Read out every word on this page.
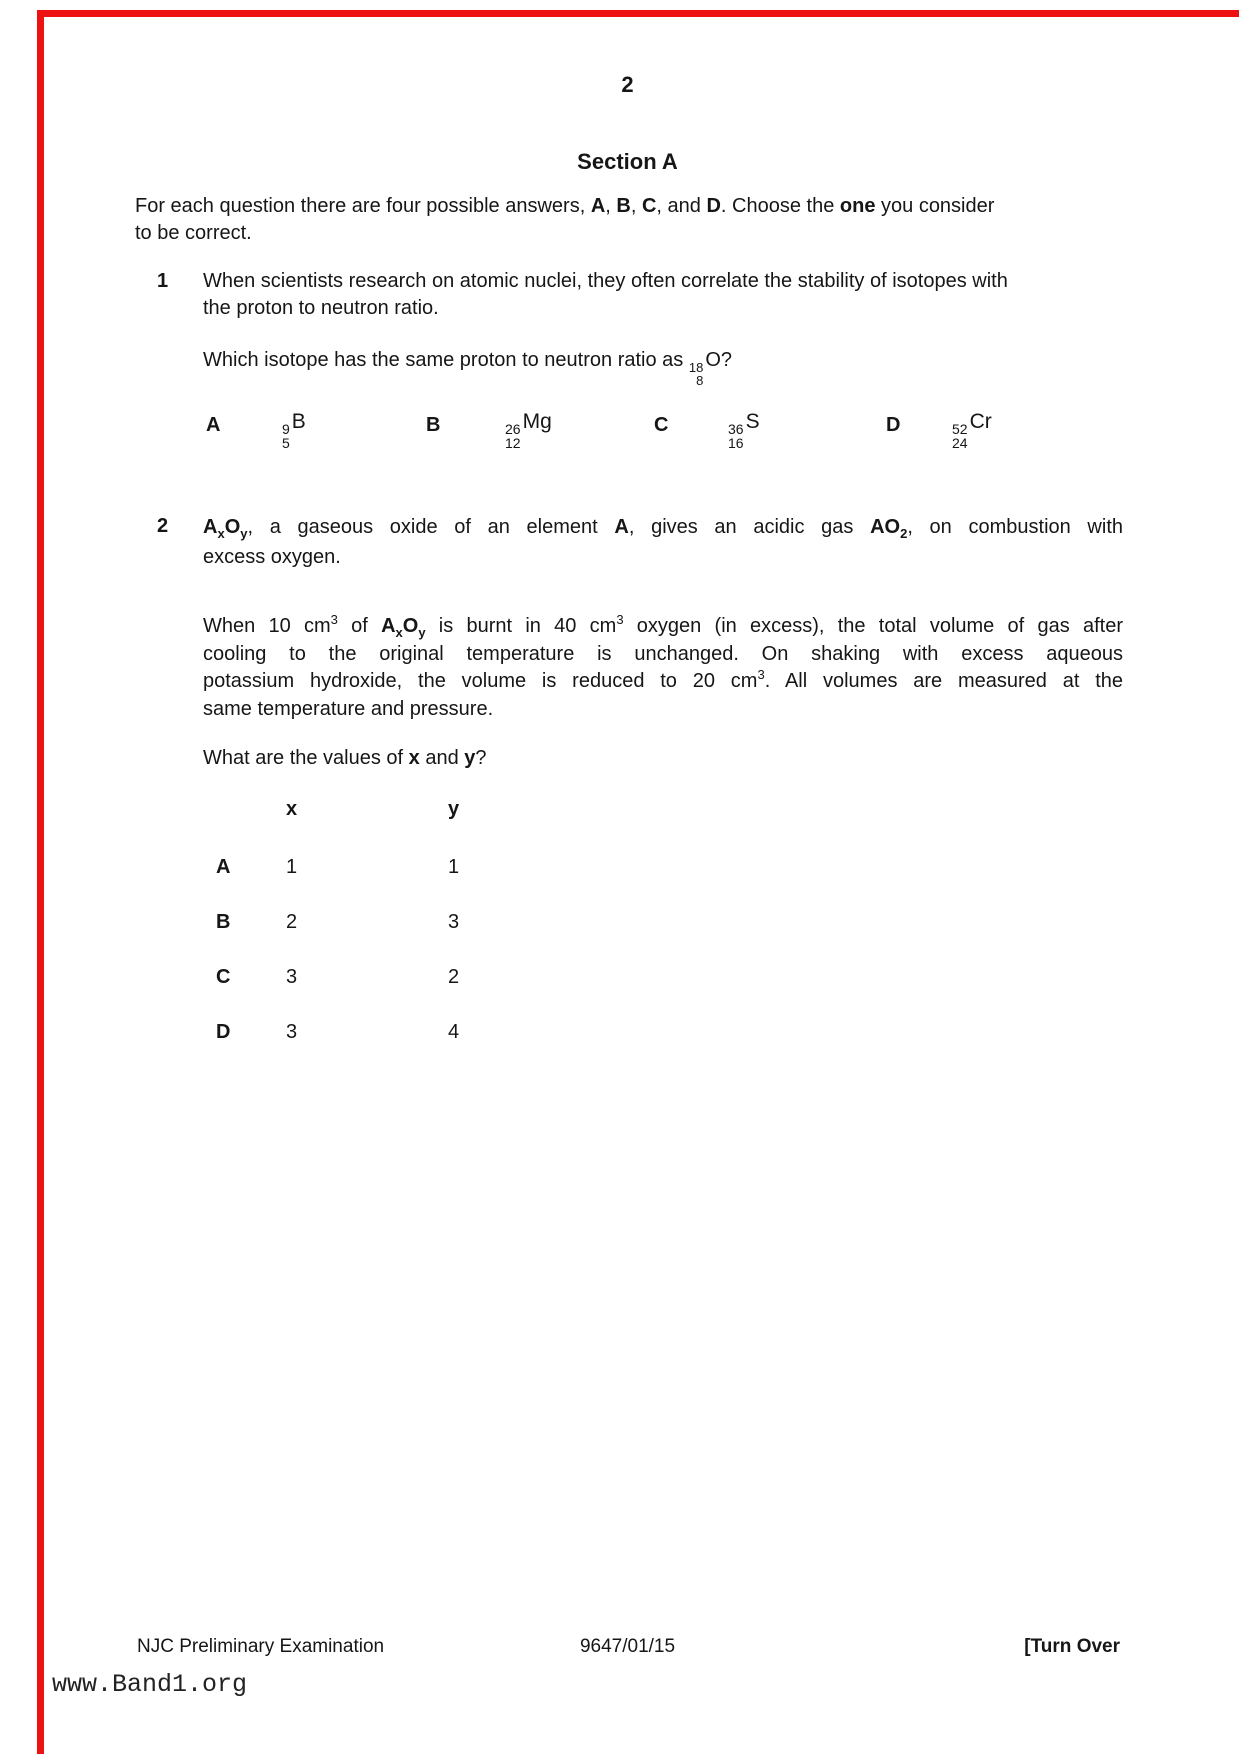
2
Section A
For each question there are four possible answers, A, B, C, and D. Choose the one you consider
to be correct.
1 When scientists research on atomic nuclei, they often correlate the stability of isotopes with
the proton to neutron ratio.
Which isotope has the same proton to neutron ratio as 18
8
O?
A	9
5
B	B	26
12
Mg	C	36
16
S	D	52
24
Cr
2 $A_xO_y$, a gaseous oxide of an element A, gives an acidic gas $AO_2$, on combustion with
excess oxygen.
When 10 $cm^3$ of $A_xO_y$ is burnt in 40 $cm^3$ oxygen (in excess), the total volume of gas after
cooling to the original temperature is unchanged. On shaking with excess aqueous
potassium hydroxide, the volume is reduced to 20 $cm^3$. All volumes are measured at the
same temperature and pressure.
What are the values of x and y?
x	y
A	1	1
B	2	3
C	3	2
D	3	4
NJC Preliminary Examination	9647/01/15	[Turn Over
www.Band1.org
